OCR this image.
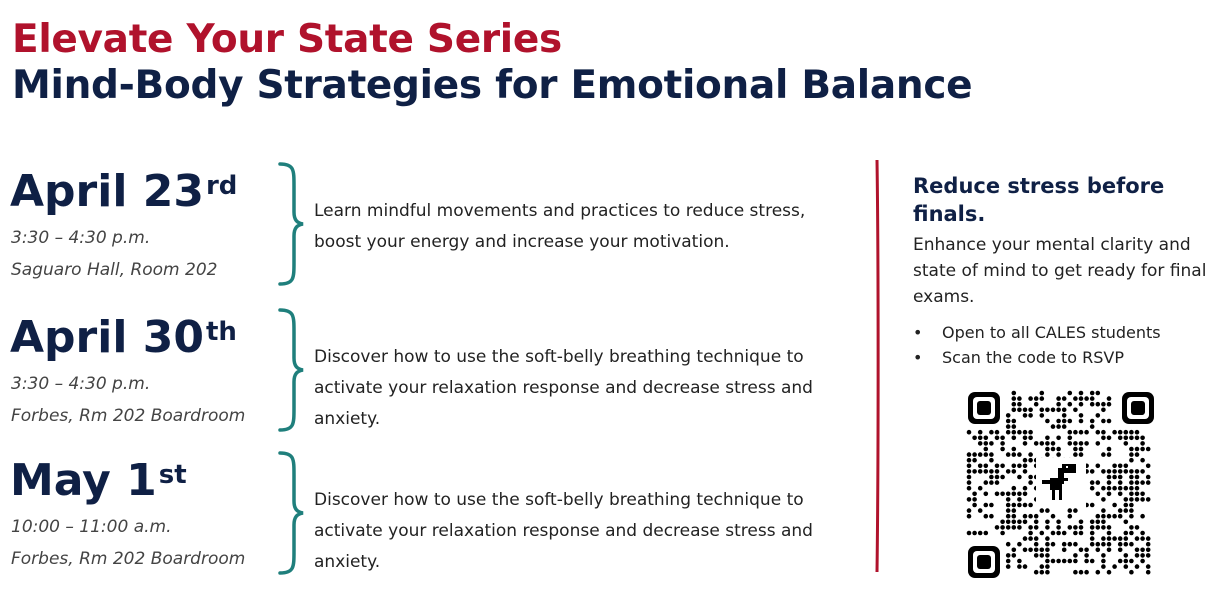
Elevate Your State Series
Mind-Body Strategies for Emotional Balance

April 23rd

3:30 – 4:30 p.m.

Saguaro Hall, Room 202

Learn mindful movements and practices to reduce stress, boost your energy and increase your motivation.

April 30th

3:30 – 4:30 p.m.

Forbes, Rm 202 Boardroom

Discover how to use the soft-belly breathing technique to activate your relaxation response and decrease stress and anxiety.

May 1st

10:00 – 11:00 a.m.

Forbes, Rm 202 Boardroom

Discover how to use the soft-belly breathing technique to activate your relaxation response and decrease stress and anxiety.

Reduce stress before finals.

Enhance your mental clarity and state of mind to get ready for final exams.

• Open to all CALES students
• Scan the code to RSVP
